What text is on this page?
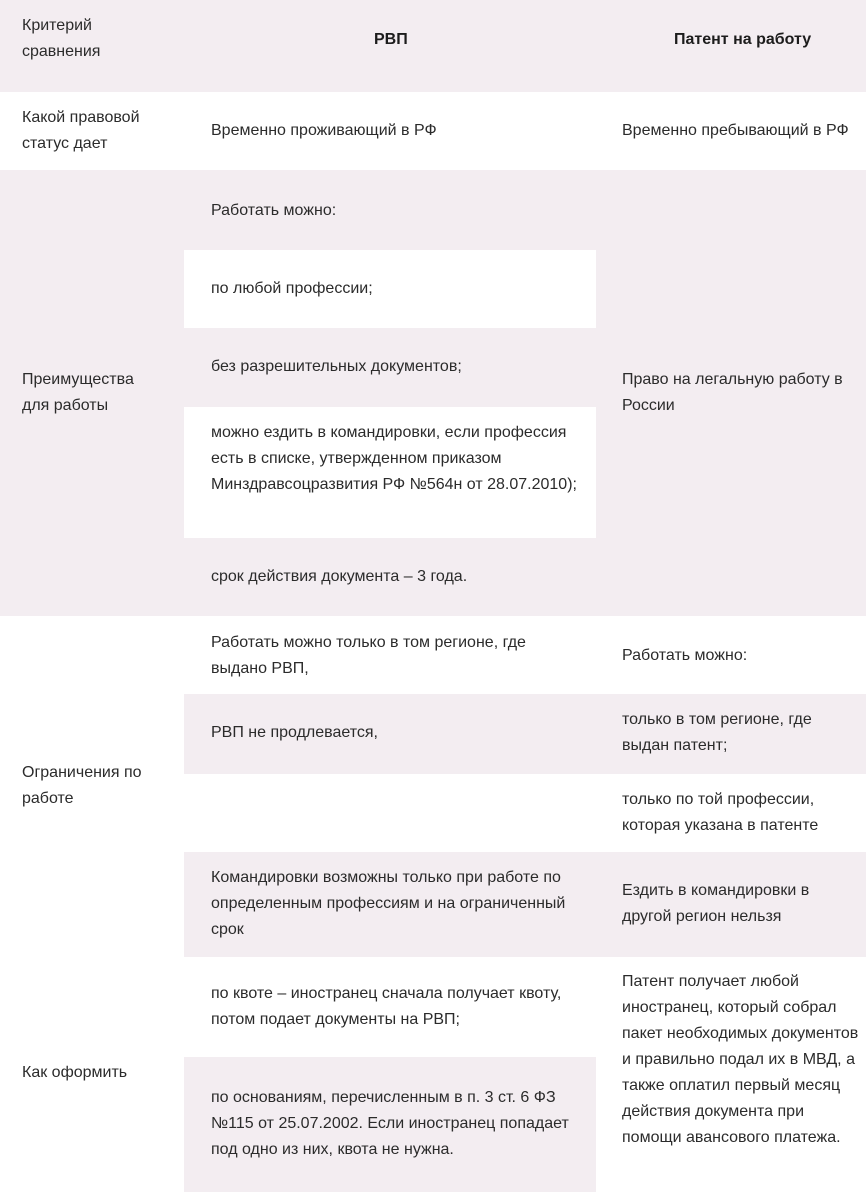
Критерий сравнения
РВП	Патент на работу
Какой правовой статус дает
Временно проживающий в РФ	Временно пребывающий в РФ
Преимущества для работы
Работать можно:
по любой профессии;
без разрешительных документов;
можно ездить в командировки, если профессия есть в списке, утвержденном приказом Минздравсоцразвития РФ №564н от 28.07.2010);
срок действия документа – 3 года.
Право на легальную работу в России
Ограничения по работе
Работать можно только в том регионе, где выдано РВП,
РВП не продлевается,
Командировки возможны только при работе по определенным профессиям и на ограниченный срок
Работать можно:
только в том регионе, где выдан патент;
только по той профессии, которая указана в патенте
Ездить в командировки в другой регион нельзя
Как оформить
по квоте – иностранец сначала получает квоту, потом подает документы на РВП;
по основаниям, перечисленным в п. 3 ст. 6 ФЗ №115 от 25.07.2002. Если иностранец попадает под одно из них, квота не нужна.
Патент получает любой иностранец, который собрал пакет необходимых документов и правильно подал их в МВД, а также оплатил первый месяц действия документа при помощи авансового платежа.
